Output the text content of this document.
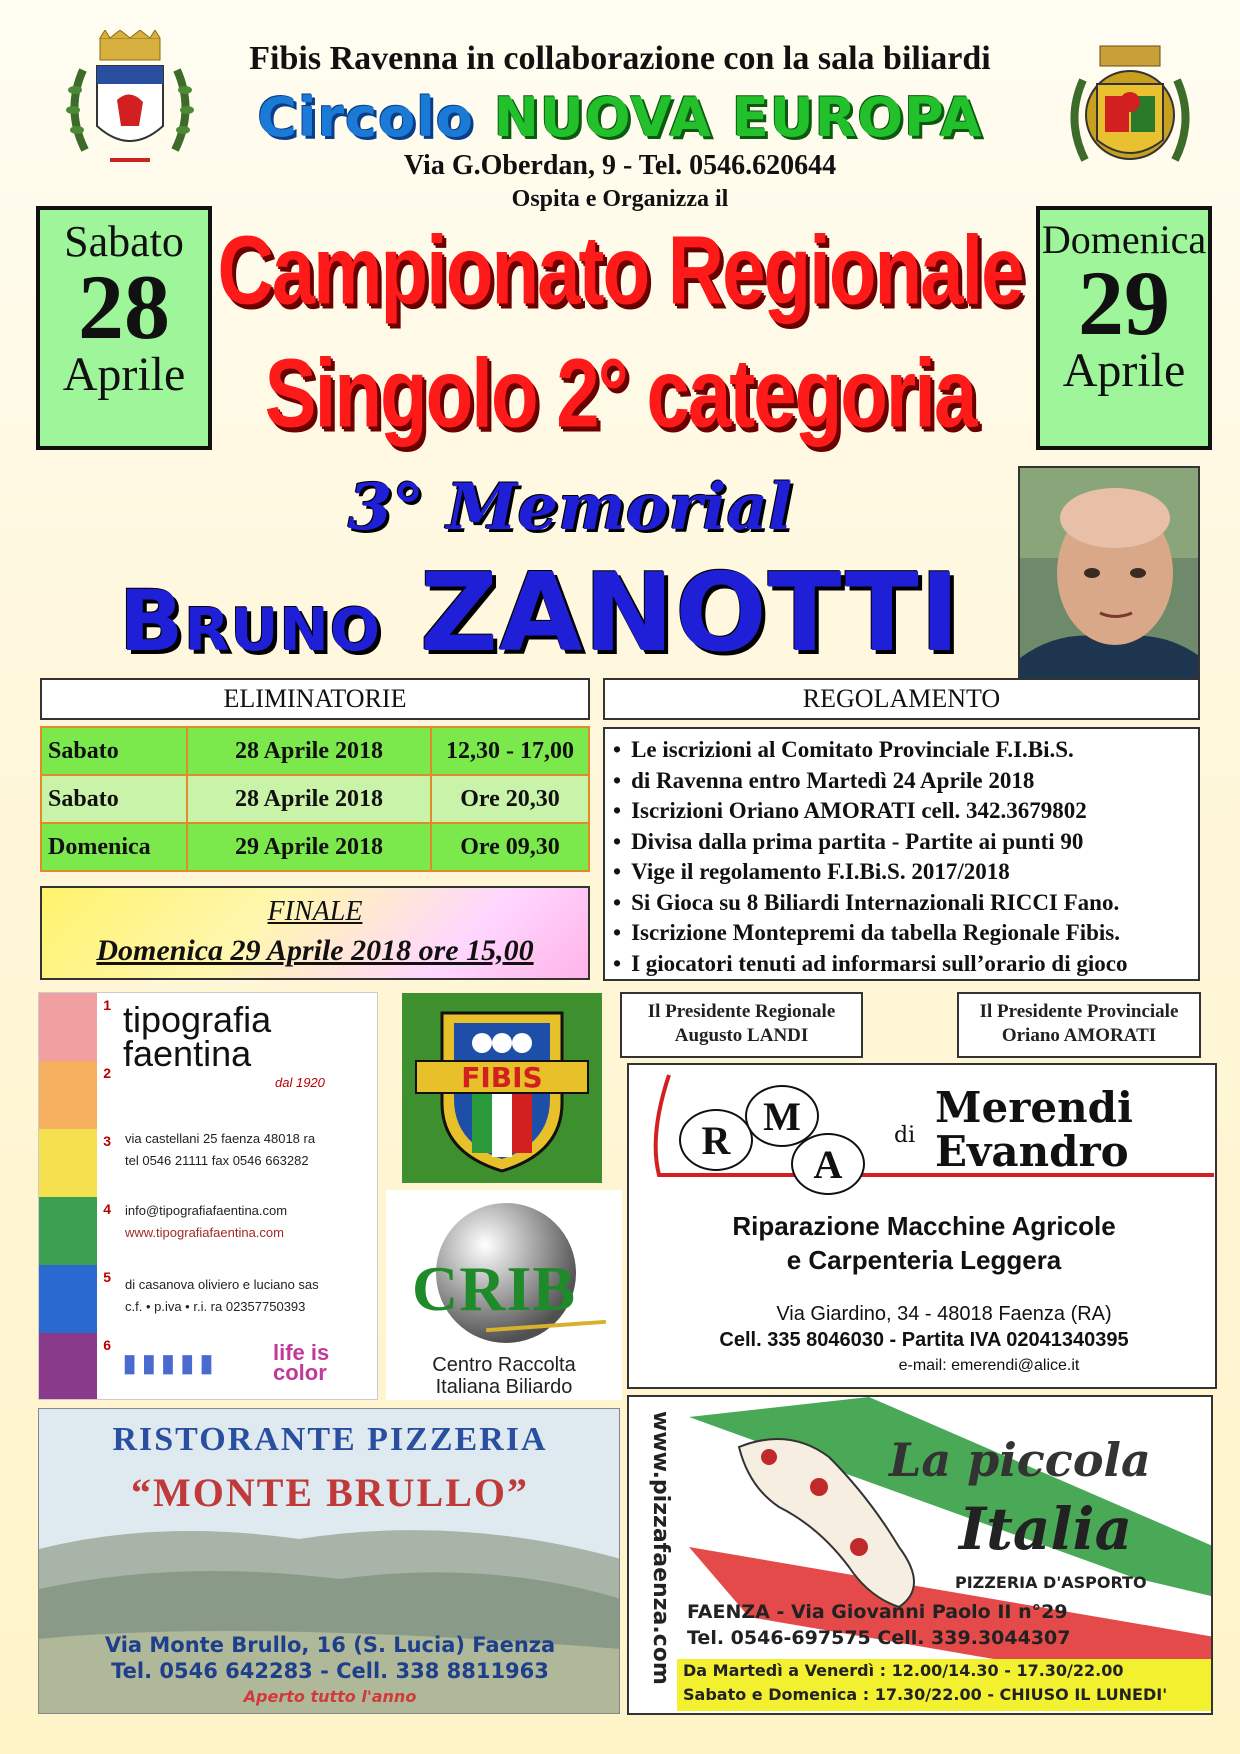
Fibis Ravenna in collaborazione con la sala biliardi
Circolo NUOVA EUROPA
Via G.Oberdan, 9 - Tel. 0546.620644
Ospita e Organizza il
Sabato
28
Aprile
Domenica
29
Aprile
Campionato Regionale
Singolo 2° categoria
3° Memorial
Bruno ZANOTTI
ELIMINATORIE
Sabato	28 Aprile 2018	12,30 - 17,00
Sabato	28 Aprile 2018	Ore 20,30
Domenica	29 Aprile 2018	Ore 09,30
FINALE
Domenica 29 Aprile 2018 ore 15,00
REGOLAMENTO
• Le iscrizioni al Comitato Provinciale F.I.Bi.S.
• di Ravenna entro Martedì 24 Aprile 2018
• Iscrizioni Oriano AMORATI cell. 342.3679802
• Divisa dalla prima partita - Partite ai punti 90
• Vige il regolamento F.I.Bi.S. 2017/2018
• Si Gioca su 8 Biliardi Internazionali RICCI Fano.
• Iscrizione Montepremi da tabella Regionale Fibis.
• I giocatori tenuti ad informarsi sull’orario di gioco
Il Presidente Regionale
Augusto LANDI
Il Presidente Provinciale
Oriano AMORATI
1
2
3
4
5
6
tipografia
faentina
dal 1920
via castellani 25 faenza 48018 ra
tel 0546 21111 fax 0546 663282
info@tipografiafaentina.com
www.tipografiafaentina.com
di casanova oliviero e luciano sas
c.f. • p.iva • r.i. ra 02357750393
▮▮▮▮▮ life is color
FIBIS
CRIB
Centro Raccolta
Italiana Biliardo
R
M
A
di
Merendi
Evandro
Riparazione Macchine Agricole
e Carpenteria Leggera
Via Giardino, 34 - 48018 Faenza (RA)
Cell. 335 8046030 - Partita IVA 02041340395
e-mail: emerendi@alice.it
RISTORANTE PIZZERIA
“MONTE BRULLO”
Via Monte Brullo, 16 (S. Lucia) Faenza
Tel. 0546 642283 - Cell. 338 8811963
Aperto tutto l'anno
www.pizzafaenza.com	La piccola
Italia
PIZZERIA D'ASPORTO
FAENZA - Via Giovanni Paolo II n°29
Tel. 0546-697575 Cell. 339.3044307
Da Martedì a Venerdì : 12.00/14.30 - 17.30/22.00
Sabato e Domenica : 17.30/22.00 - CHIUSO IL LUNEDI'
